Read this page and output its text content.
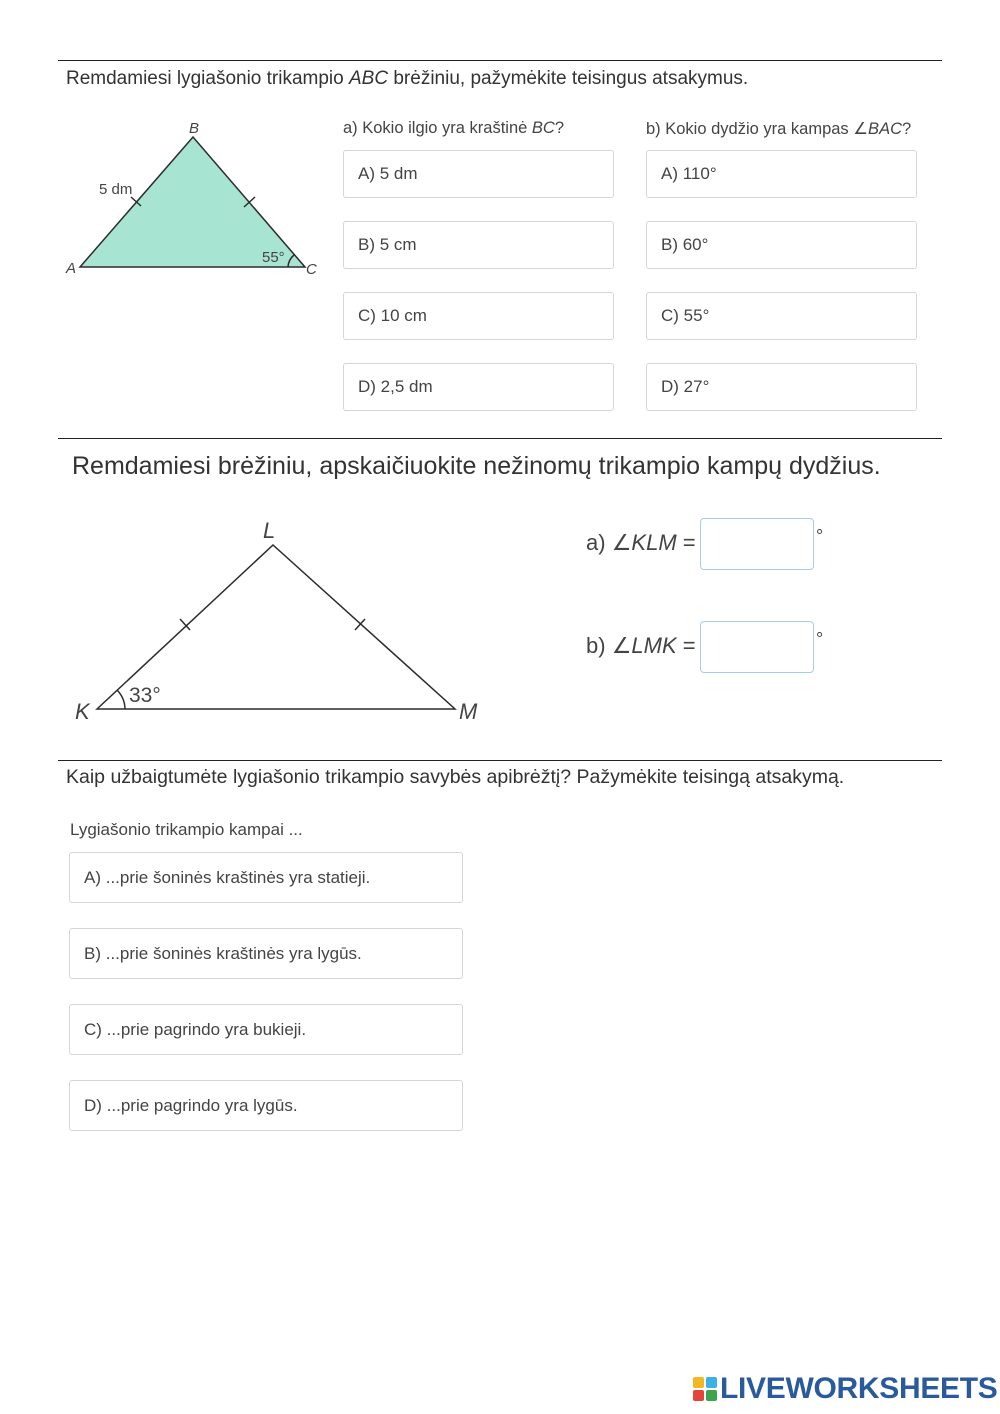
Remdamiesi lygiašonio trikampio ABC brėžiniu, pažymėkite teisingus atsakymus.
B
A	C
5 dm
55°
a) Kokio ilgio yra kraštinė BC?	b) Kokio dydžio yra kampas ∠BAC?
A) 5 dm
B) 5 cm
C) 10 cm
D) 2,5 dm
A) 110°
B) 60°
C) 55°
D) 27°
Remdamiesi brėžiniu, apskaičiuokite nežinomų trikampio kampų dydžius.
L
K	M
33°
a) ∠KLM =	°
b) ∠LMK =	°
Kaip užbaigtumėte lygiašonio trikampio savybės apibrėžtį? Pažymėkite teisingą atsakymą.
Lygiašonio trikampio kampai ...
A) ...prie šoninės kraštinės yra statieji.
B) ...prie šoninės kraštinės yra lygūs.
C) ...prie pagrindo yra bukieji.
D) ...prie pagrindo yra lygūs.
LIVEWORKSHEETS
